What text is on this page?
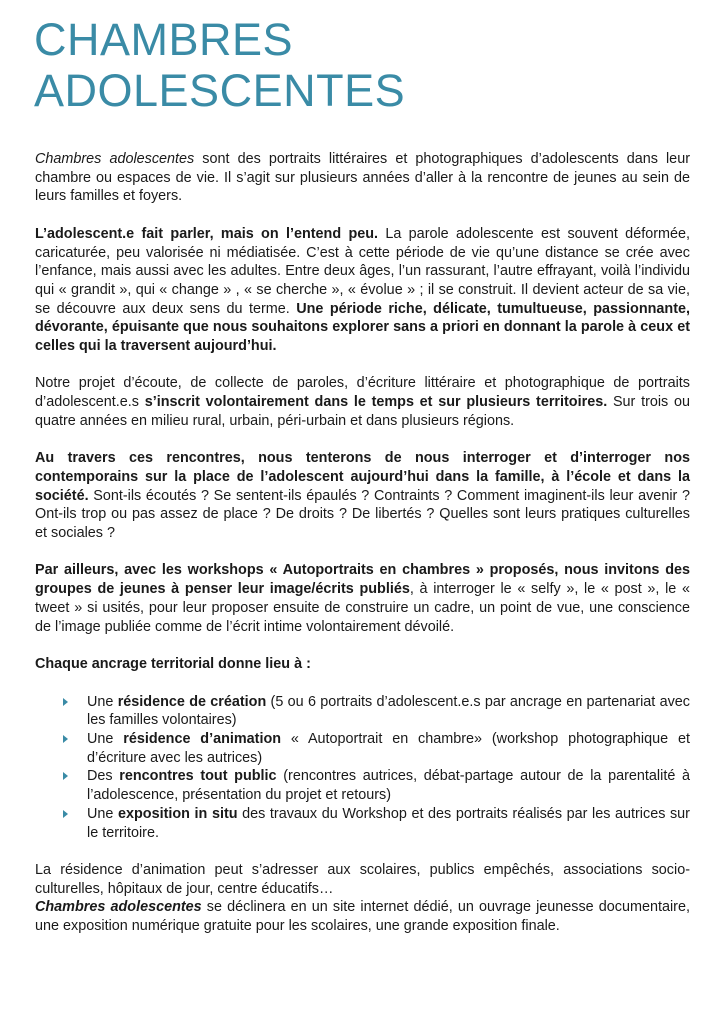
CHAMBRES
ADOLESCENTES

Chambres adolescentes sont des portraits littéraires et photographiques d’adolescents dans leur chambre ou espaces de vie. Il s’agit sur plusieurs années d’aller à la rencontre de jeunes au sein de leurs familles et foyers.

L’adolescent.e fait parler, mais on l’entend peu. La parole adolescente est souvent déformée, caricaturée, peu valorisée ni médiatisée. C’est à cette période de vie qu’une distance se crée avec l’enfance, mais aussi avec les adultes. Entre deux âges, l’un rassurant, l’autre effrayant, voilà l’individu qui « grandit », qui « change » , « se cherche », « évolue » ; il se construit. Il devient acteur de sa vie, se découvre aux deux sens du terme. Une période riche, délicate, tumultueuse, passionnante, dévorante, épuisante que nous souhaitons explorer sans a priori en donnant la parole à ceux et celles qui la traversent aujourd’hui.

Notre projet d’écoute, de collecte de paroles, d’écriture littéraire et photographique de portraits d’adolescent.e.s s’inscrit volontairement dans le temps et sur plusieurs territoires. Sur trois ou quatre années en milieu rural, urbain, péri-urbain et dans plusieurs régions.

Au travers ces rencontres, nous tenterons de nous interroger et d’interroger nos contemporains sur la place de l’adolescent aujourd’hui dans la famille, à l’école et dans la société. Sont-ils écoutés ? Se sentent-ils épaulés ? Contraints ? Comment imaginent-ils leur avenir ? Ont-ils trop ou pas assez de place ? De droits ? De libertés ? Quelles sont leurs pratiques culturelles et sociales ?

Par ailleurs, avec les workshops « Autoportraits en chambres » proposés, nous invitons des groupes de jeunes à penser leur image/écrits publiés, à interroger le « selfy », le « post », le « tweet » si usités, pour leur proposer ensuite de construire un cadre, un point de vue, une conscience de l’image publiée comme de l’écrit intime volontairement dévoilé.

Chaque ancrage territorial donne lieu à :

Une résidence de création (5 ou 6 portraits d’adolescent.e.s par ancrage en partenariat avec les familles volontaires)
Une résidence d’animation « Autoportrait en chambre» (workshop photographique et d’écriture avec les autrices)
Des rencontres tout public (rencontres autrices, débat-partage autour de la parentalité à l’adolescence, présentation du projet et retours)
Une exposition in situ des travaux du Workshop et des portraits réalisés par les autrices sur le territoire.

La résidence d’animation peut s’adresser aux scolaires, publics empêchés, associations socio-culturelles, hôpitaux de jour, centre éducatifs…

Chambres adolescentes se déclinera en un site internet dédié, un ouvrage jeunesse documentaire, une exposition numérique gratuite pour les scolaires, une grande exposition finale.
